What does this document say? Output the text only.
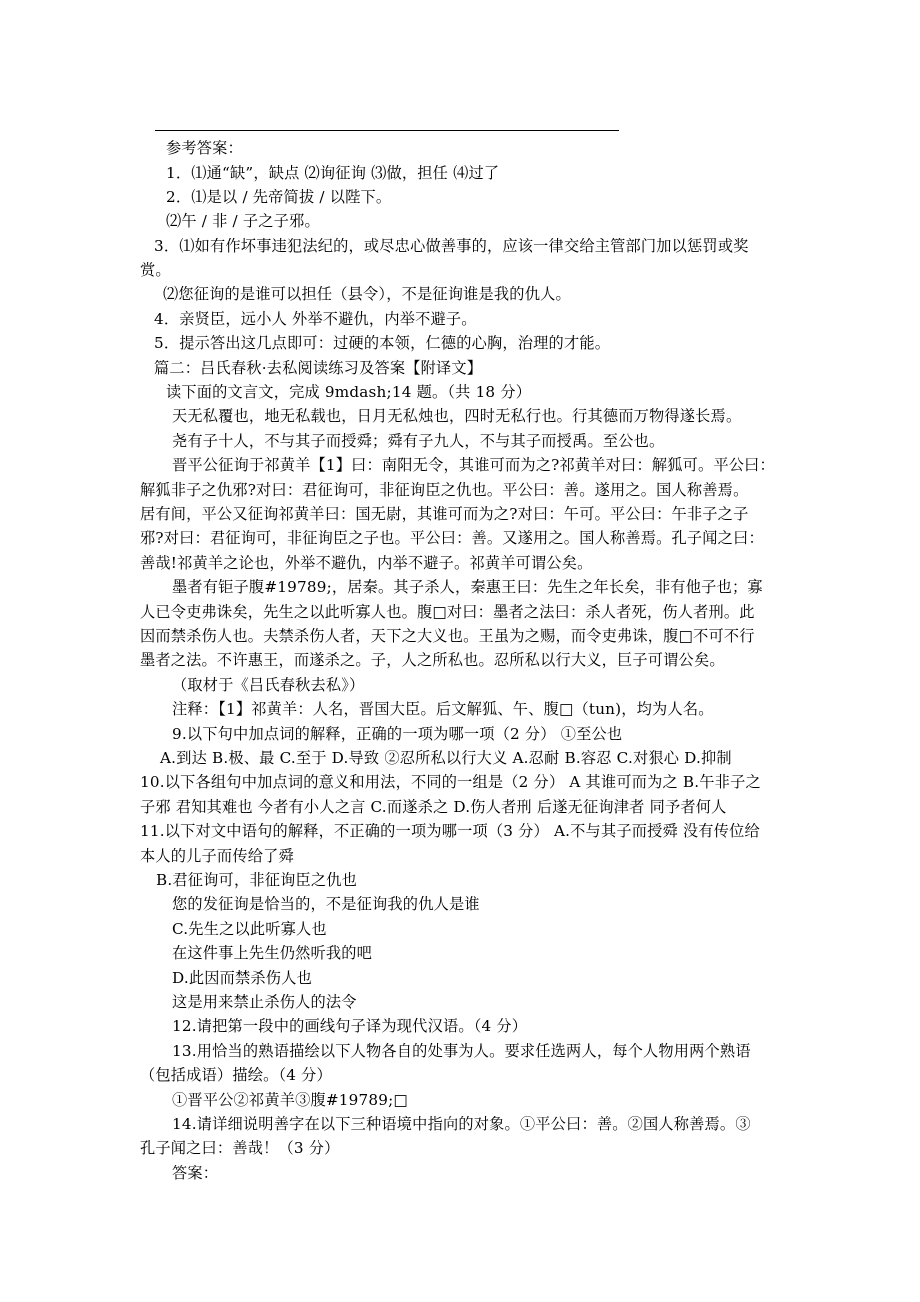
参考答案：
1．⑴通“缺”，缺点 ⑵询征询 ⑶做，担任 ⑷过了
2．⑴是以 / 先帝简拔 / 以陛下。
⑵午 / 非 / 子之子邪。
3．⑴如有作坏事违犯法纪的，或尽忠心做善事的，应该一律交给主管部门加以惩罚或奖
赏。
⑵您征询的是谁可以担任（县令），不是征询谁是我的仇人。
4．亲贤臣，远小人 外举不避仇，内举不避子。
5．提示答出这几点即可：过硬的本领，仁德的心胸，治理的才能。
篇二：吕氏春秋·去私阅读练习及答案【附译文】
读下面的文言文，完成 9mdash;14 题。（共 18 分）
天无私覆也，地无私载也，日月无私烛也，四时无私行也。行其德而万物得遂长焉。
尧有子十人，不与其子而授舜；舜有子九人，不与其子而授禹。至公也。
晋平公征询于祁黄羊【1】曰：南阳无令，其谁可而为之?祁黄羊对曰：解狐可。平公曰：
解狐非子之仇邪?对曰：君征询可，非征询臣之仇也。平公曰：善。遂用之。国人称善焉。
居有间，平公又征询祁黄羊曰：国无尉，其谁可而为之?对曰：午可。平公曰：午非子之子
邪?对曰：君征询可，非征询臣之子也。平公曰：善。又遂用之。国人称善焉。孔子闻之曰：
善哉!祁黄羊之论也，外举不避仇，内举不避子。祁黄羊可谓公矣。
墨者有钜子腹#19789;，居秦。其子杀人，秦惠王曰：先生之年长矣，非有他子也；寡
人已令吏弗诛矣，先生之以此听寡人也。腹□对曰：墨者之法曰：杀人者死，伤人者刑。此
因而禁杀伤人也。夫禁杀伤人者，天下之大义也。王虽为之赐，而令吏弗诛，腹□不可不行
墨者之法。不许惠王，而遂杀之。子，人之所私也。忍所私以行大义，巨子可谓公矣。
（取材于《吕氏春秋去私》）
注释：【1】祁黄羊：人名，晋国大臣。后文解狐、午、腹□（tun)，均为人名。
9.以下句中加点词的解释，正确的一项为哪一项（2 分） ①至公也
A.到达 B.极、最 C.至于 D.导致 ②忍所私以行大义 A.忍耐 B.容忍 C.对狠心 D.抑制
10.以下各组句中加点词的意义和用法，不同的一组是（2 分） A 其谁可而为之 B.午非子之
子邪 君知其难也 今者有小人之言 C.而遂杀之 D.伤人者刑 后遂无征询津者 同予者何人
11.以下对文中语句的解释，不正确的一项为哪一项（3 分） A.不与其子而授舜 没有传位给
本人的儿子而传给了舜
B.君征询可，非征询臣之仇也
您的发征询是恰当的，不是征询我的仇人是谁
C.先生之以此听寡人也
在这件事上先生仍然听我的吧
D.此因而禁杀伤人也
这是用来禁止杀伤人的法令
12.请把第一段中的画线句子译为现代汉语。（4 分）
13.用恰当的熟语描绘以下人物各自的处事为人。要求任选两人，每个人物用两个熟语
（包括成语）描绘。（4 分）
①晋平公②祁黄羊③腹#19789;□
14.请详细说明善字在以下三种语境中指向的对象。①平公曰：善。②国人称善焉。③
孔子闻之曰：善哉！（3 分）
答案：
